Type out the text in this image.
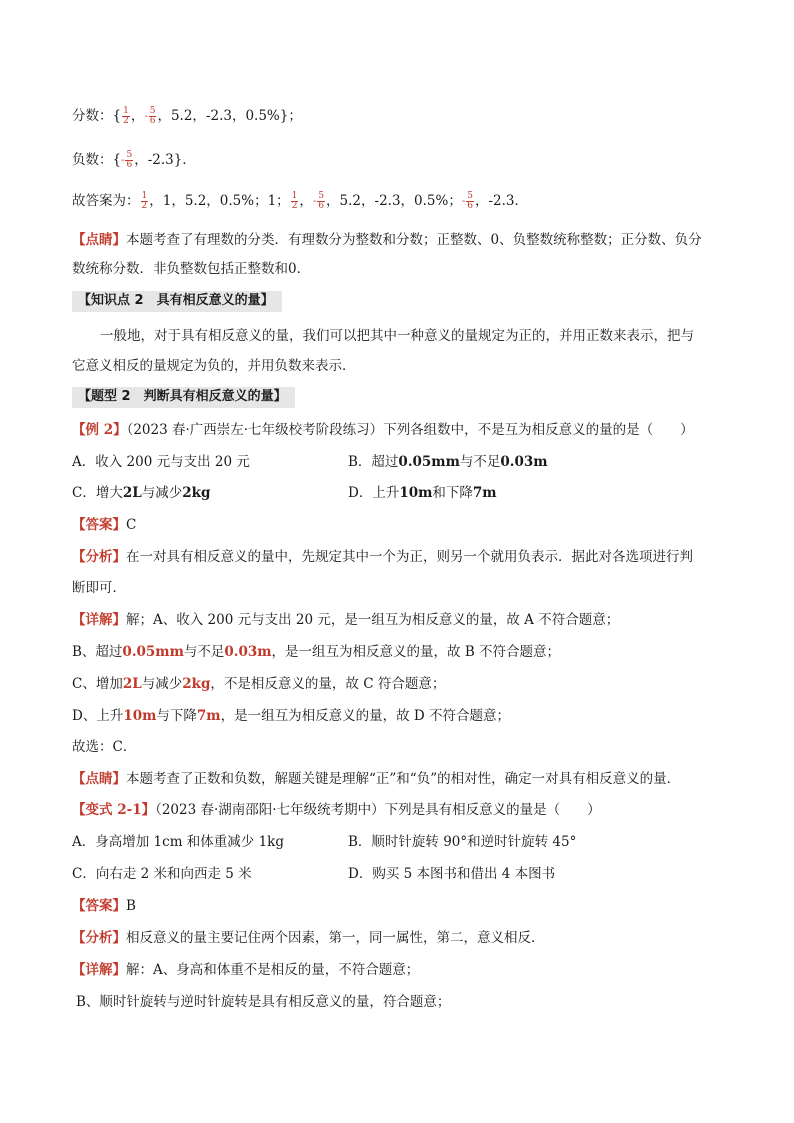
分数：{ $\frac{1}{2}$ ， - $\frac{5}{6}$ ，5.2，-2.3，0.5%}；
负数：{ - $\frac{5}{6}$ ，-2.3}．
故答案为： $\frac{1}{2}$ ，1，5.2，0.5%；1； $\frac{1}{2}$ ， - $\frac{5}{6}$ ，5.2，-2.3，0.5%； - $\frac{5}{6}$ ，-2.3．
【点睛】本题考查了有理数的分类．有理数分为整数和分数；正整数、0、负整数统称整数；正分数、负分
数统称分数．非负整数包括正整数和0．
【知识点 2　具有相反意义的量】
一般地，对于具有相反意义的量，我们可以把其中一种意义的量规定为正的，并用正数来表示，把与
它意义相反的量规定为负的，并用负数来表示．
【题型 2　判断具有相反意义的量】
【例 2】（2023 春·广西崇左·七年级校考阶段练习）下列各组数中，不是互为相反意义的量的是（　　）
A．收入 200 元与支出 20 元	B．超过0.05mm与不足0.03m
C．增大2L与减少2kg	D．上升10m和下降7m
【答案】C
【分析】在一对具有相反意义的量中，先规定其中一个为正，则另一个就用负表示．据此对各选项进行判
断即可．
【详解】解；A、收入 200 元与支出 20 元，是一组互为相反意义的量，故 A 不符合题意；
B、超过0.05mm与不足0.03m，是一组互为相反意义的量，故 B 不符合题意；
C、增加2L与减少2kg，不是相反意义的量，故 C 符合题意；
D、上升10m与下降7m，是一组互为相反意义的量，故 D 不符合题意；
故选：C．
【点睛】本题考查了正数和负数，解题关键是理解“正”和“负”的相对性，确定一对具有相反意义的量．
【变式 2-1】（2023 春·湖南邵阳·七年级统考期中）下列是具有相反意义的量是（　　）
A．身高增加 1cm 和体重减少 1kg	B．顺时针旋转 90°和逆时针旋转 45°
C．向右走 2 米和向西走 5 米	D．购买 5 本图书和借出 4 本图书
【答案】B
【分析】相反意义的量主要记住两个因素，第一，同一属性，第二，意义相反．
【详解】解：A、身高和体重不是相反的量，不符合题意；
B、顺时针旋转与逆时针旋转是具有相反意义的量，符合题意；
